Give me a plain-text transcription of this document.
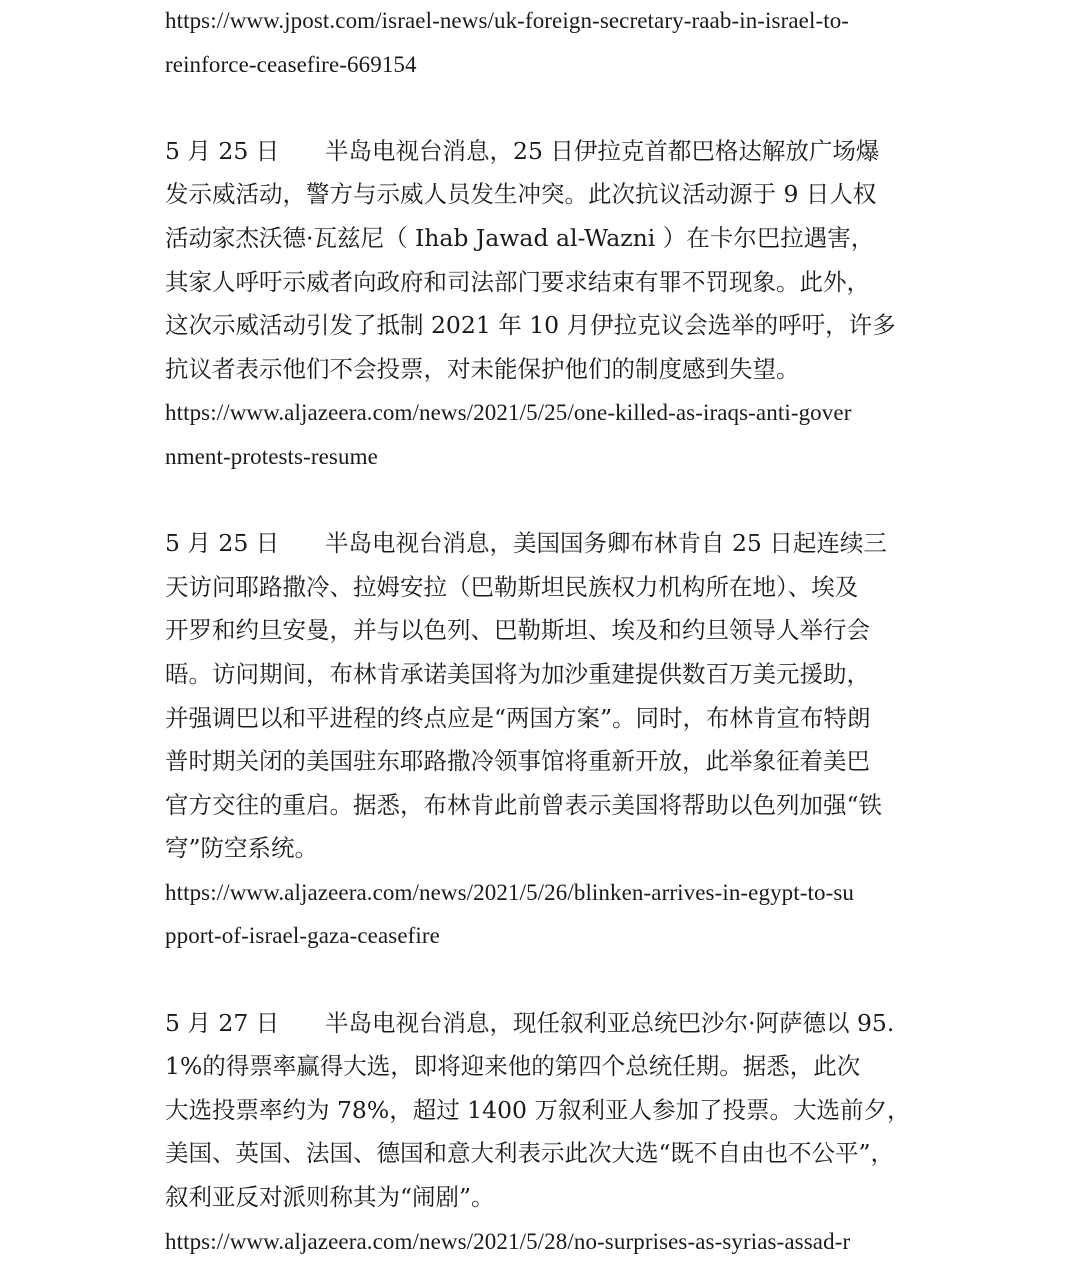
https://www.jpost.com/israel-news/uk-foreign-secretary-raab-in-israel-to-
reinforce-ceasefire-669154
5 月 25 日 半岛电视台消息，25 日伊拉克首都巴格达解放广场爆
发示威活动，警方与示威人员发生冲突。此次抗议活动源于 9 日人权
活动家杰沃德·瓦兹尼（ Ihab Jawad al-Wazni ）在卡尔巴拉遇害，
其家人呼吁示威者向政府和司法部门要求结束有罪不罚现象。此外，
这次示威活动引发了抵制 2021 年 10 月伊拉克议会选举的呼吁，许多
抗议者表示他们不会投票，对未能保护他们的制度感到失望。
https://www.aljazeera.com/news/2021/5/25/one-killed-as-iraqs-anti-gover
nment-protests-resume
5 月 25 日 半岛电视台消息，美国国务卿布林肯自 25 日起连续三
天访问耶路撒冷、拉姆安拉（巴勒斯坦民族权力机构所在地）、埃及
开罗和约旦安曼，并与以色列、巴勒斯坦、埃及和约旦领导人举行会
晤。访问期间，布林肯承诺美国将为加沙重建提供数百万美元援助，
并强调巴以和平进程的终点应是“两国方案”。同时，布林肯宣布特朗
普时期关闭的美国驻东耶路撒冷领事馆将重新开放，此举象征着美巴
官方交往的重启。据悉，布林肯此前曾表示美国将帮助以色列加强“铁
穹”防空系统。
https://www.aljazeera.com/news/2021/5/26/blinken-arrives-in-egypt-to-su
pport-of-israel-gaza-ceasefire
5 月 27 日 半岛电视台消息，现任叙利亚总统巴沙尔·阿萨德以 95.
1%的得票率赢得大选，即将迎来他的第四个总统任期。据悉，此次
大选投票率约为 78%，超过 1400 万叙利亚人参加了投票。大选前夕，
美国、英国、法国、德国和意大利表示此次大选“既不自由也不公平”，
叙利亚反对派则称其为“闹剧”。
https://www.aljazeera.com/news/2021/5/28/no-surprises-as-syrias-assad-r
